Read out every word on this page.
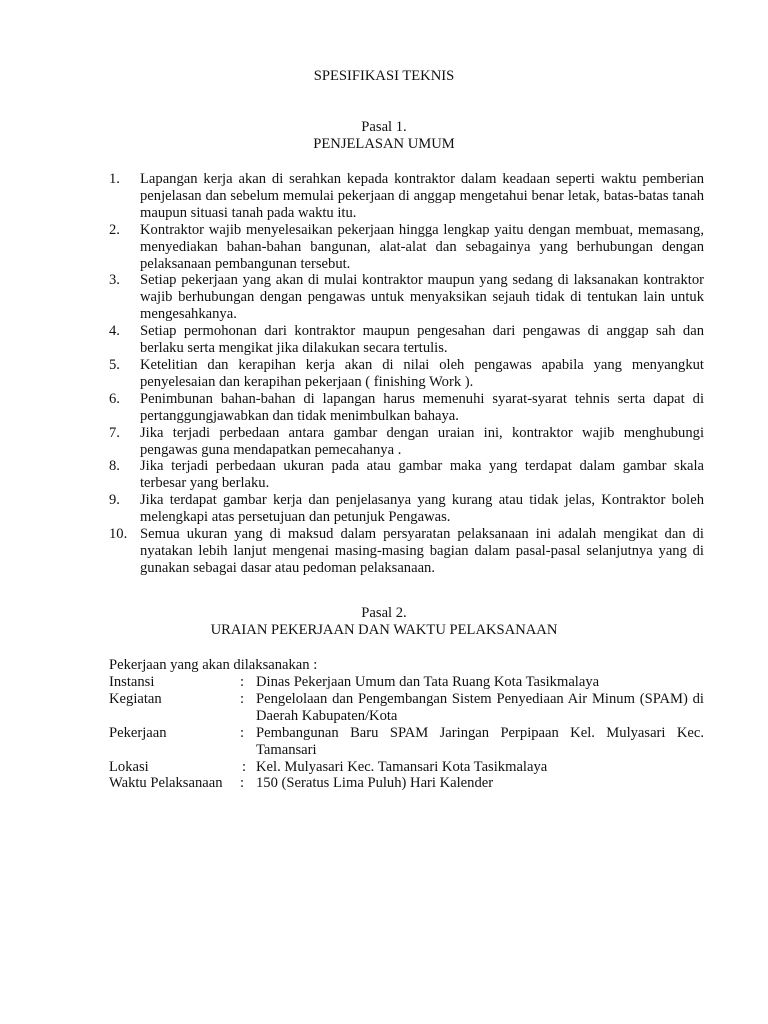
SPESIFIKASI TEKNIS
Pasal 1.
PENJELASAN UMUM
1. Lapangan kerja akan di serahkan kepada kontraktor dalam keadaan seperti waktu pemberian penjelasan dan sebelum memulai pekerjaan di anggap mengetahui benar letak, batas-batas tanah maupun situasi tanah pada waktu itu.
2. Kontraktor wajib menyelesaikan pekerjaan hingga lengkap yaitu dengan membuat, memasang, menyediakan bahan-bahan bangunan, alat-alat dan sebagainya yang berhubungan dengan pelaksanaan pembangunan tersebut.
3. Setiap pekerjaan yang akan di mulai kontraktor maupun yang sedang di laksanakan kontraktor wajib berhubungan dengan pengawas untuk menyaksikan sejauh tidak di tentukan lain untuk mengesahkanya.
4. Setiap permohonan dari kontraktor maupun pengesahan dari pengawas di anggap sah dan berlaku serta mengikat jika dilakukan secara tertulis.
5. Ketelitian dan kerapihan kerja akan di nilai oleh pengawas apabila yang menyangkut penyelesaian dan kerapihan pekerjaan ( finishing Work ).
6. Penimbunan bahan-bahan di lapangan harus memenuhi syarat-syarat tehnis serta dapat di pertanggungjawabkan dan tidak menimbulkan bahaya.
7. Jika terjadi perbedaan antara gambar dengan uraian ini, kontraktor wajib menghubungi pengawas guna mendapatkan pemecahanya .
8. Jika terjadi perbedaan ukuran pada atau gambar maka yang terdapat dalam gambar skala terbesar yang berlaku.
9. Jika terdapat gambar kerja dan penjelasanya yang kurang atau tidak jelas, Kontraktor boleh melengkapi atas persetujuan dan petunjuk Pengawas.
10. Semua ukuran yang di maksud dalam persyaratan pelaksanaan ini adalah mengikat dan di nyatakan lebih lanjut mengenai masing-masing bagian dalam pasal-pasal selanjutnya yang di gunakan sebagai dasar atau pedoman pelaksanaan.
Pasal 2.
URAIAN PEKERJAAN DAN WAKTU PELAKSANAAN
Pekerjaan yang akan dilaksanakan :
Instansi	: Dinas Pekerjaan Umum dan Tata Ruang Kota Tasikmalaya
Kegiatan	: Pengelolaan dan Pengembangan Sistem Penyediaan Air Minum (SPAM) di Daerah Kabupaten/Kota
Pekerjaan	: Pembangunan Baru SPAM Jaringan Perpipaan Kel. Mulyasari Kec. Tamansari
Lokasi	: Kel. Mulyasari Kec. Tamansari Kota Tasikmalaya
Waktu Pelaksanaan	: 150 (Seratus Lima Puluh) Hari Kalender
